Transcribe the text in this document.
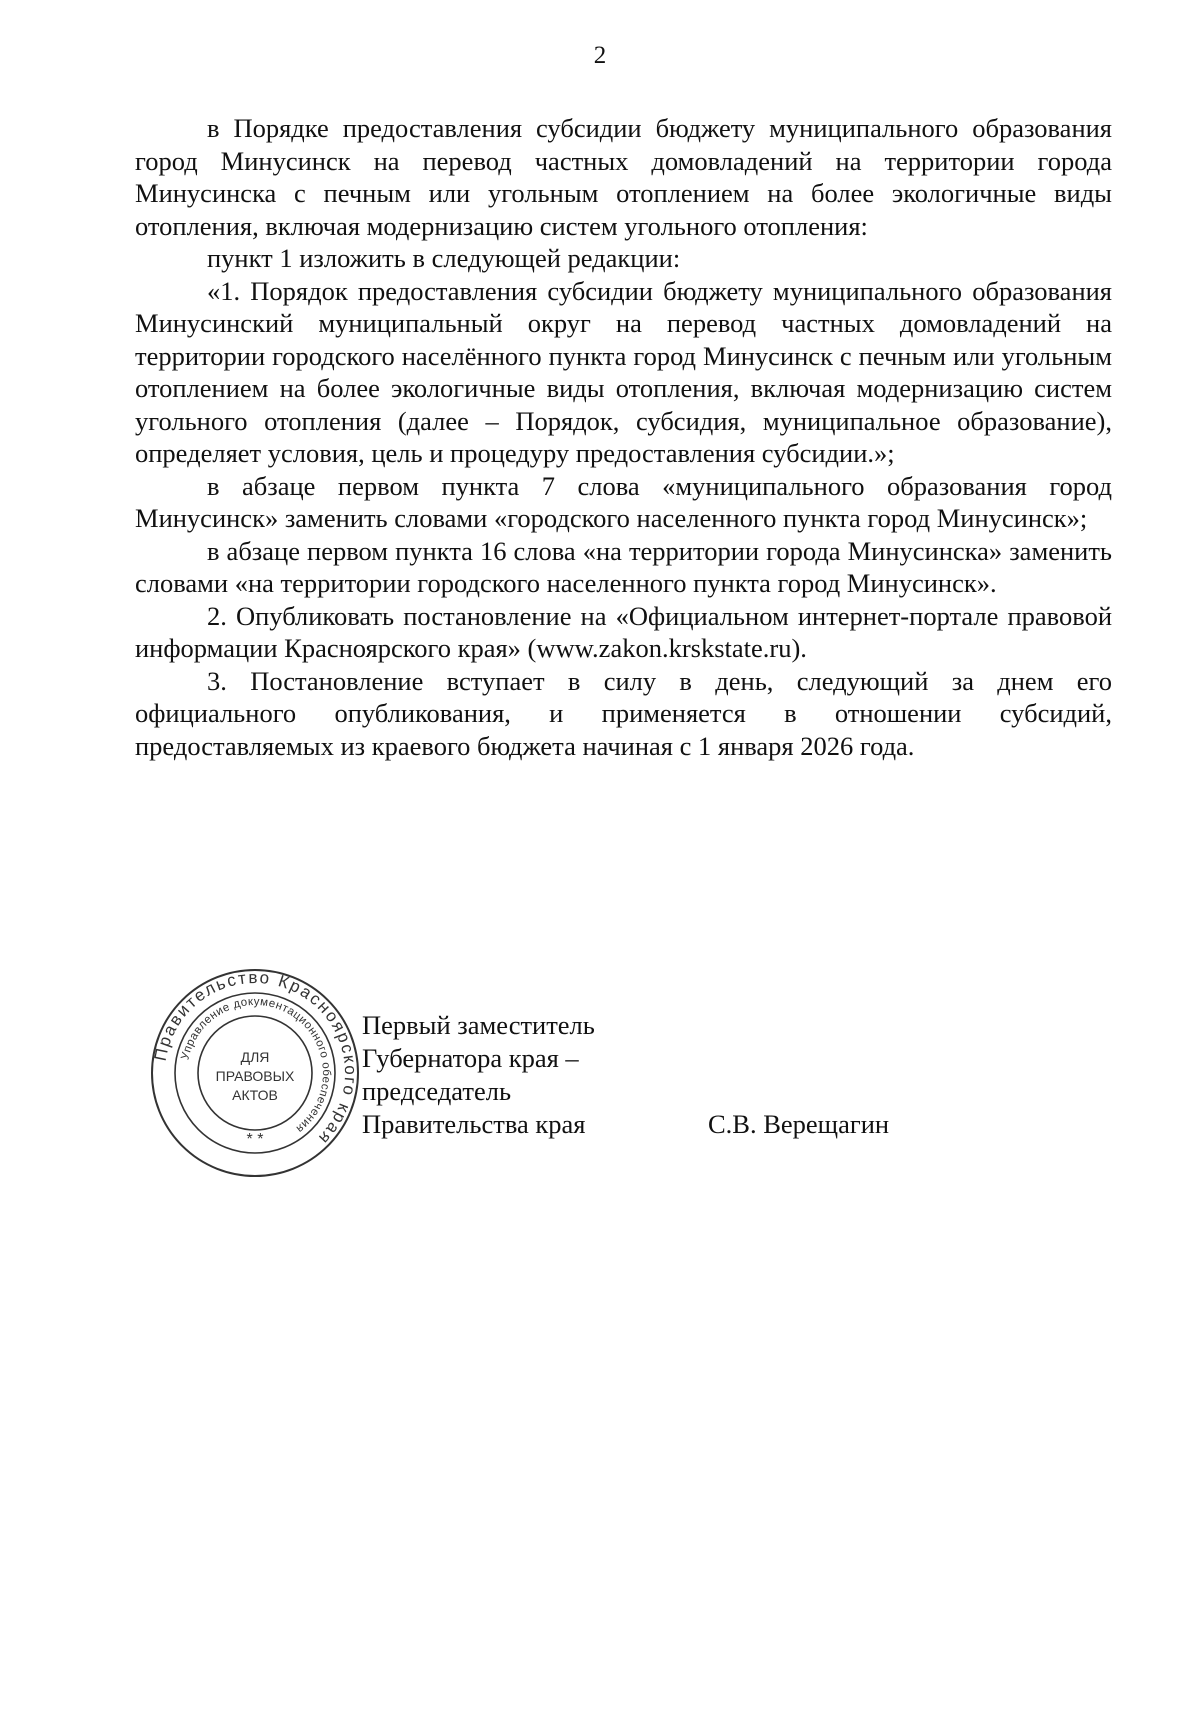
2

в Порядке предоставления субсидии бюджету муниципального образования город Минусинск на перевод частных домовладений на территории города Минусинска с печным или угольным отоплением на более экологичные виды отопления, включая модернизацию систем угольного отопления:

пункт 1 изложить в следующей редакции:

«1. Порядок предоставления субсидии бюджету муниципального образования Минусинский муниципальный округ на перевод частных домовладений на территории городского населённого пункта город Минусинск с печным или угольным отоплением на более экологичные виды отопления, включая модернизацию систем угольного отопления (далее – Порядок, субсидия, муниципальное образование), определяет условия, цель и процедуру предоставления субсидии.»;

в абзаце первом пункта 7 слова «муниципального образования город Минусинск» заменить словами «городского населенного пункта город Минусинск»;

в абзаце первом пункта 16 слова «на территории города Минусинска» заменить словами «на территории городского населенного пункта город Минусинск».

2. Опубликовать постановление на «Официальном интернет-портале правовой информации Красноярского края» (www.zakon.krskstate.ru).

3. Постановление вступает в силу в день, следующий за днем его официального опубликования, и применяется в отношении субсидий, предоставляемых из краевого бюджета начиная с 1 января 2026 года.

Правительство Красноярского края
Управление документационного обеспечения
ДЛЯ
ПРАВОВЫХ
АКТОВ
* *
Первый заместитель
Губернатора края –
председатель
Правительства края	С.В. Верещагин
